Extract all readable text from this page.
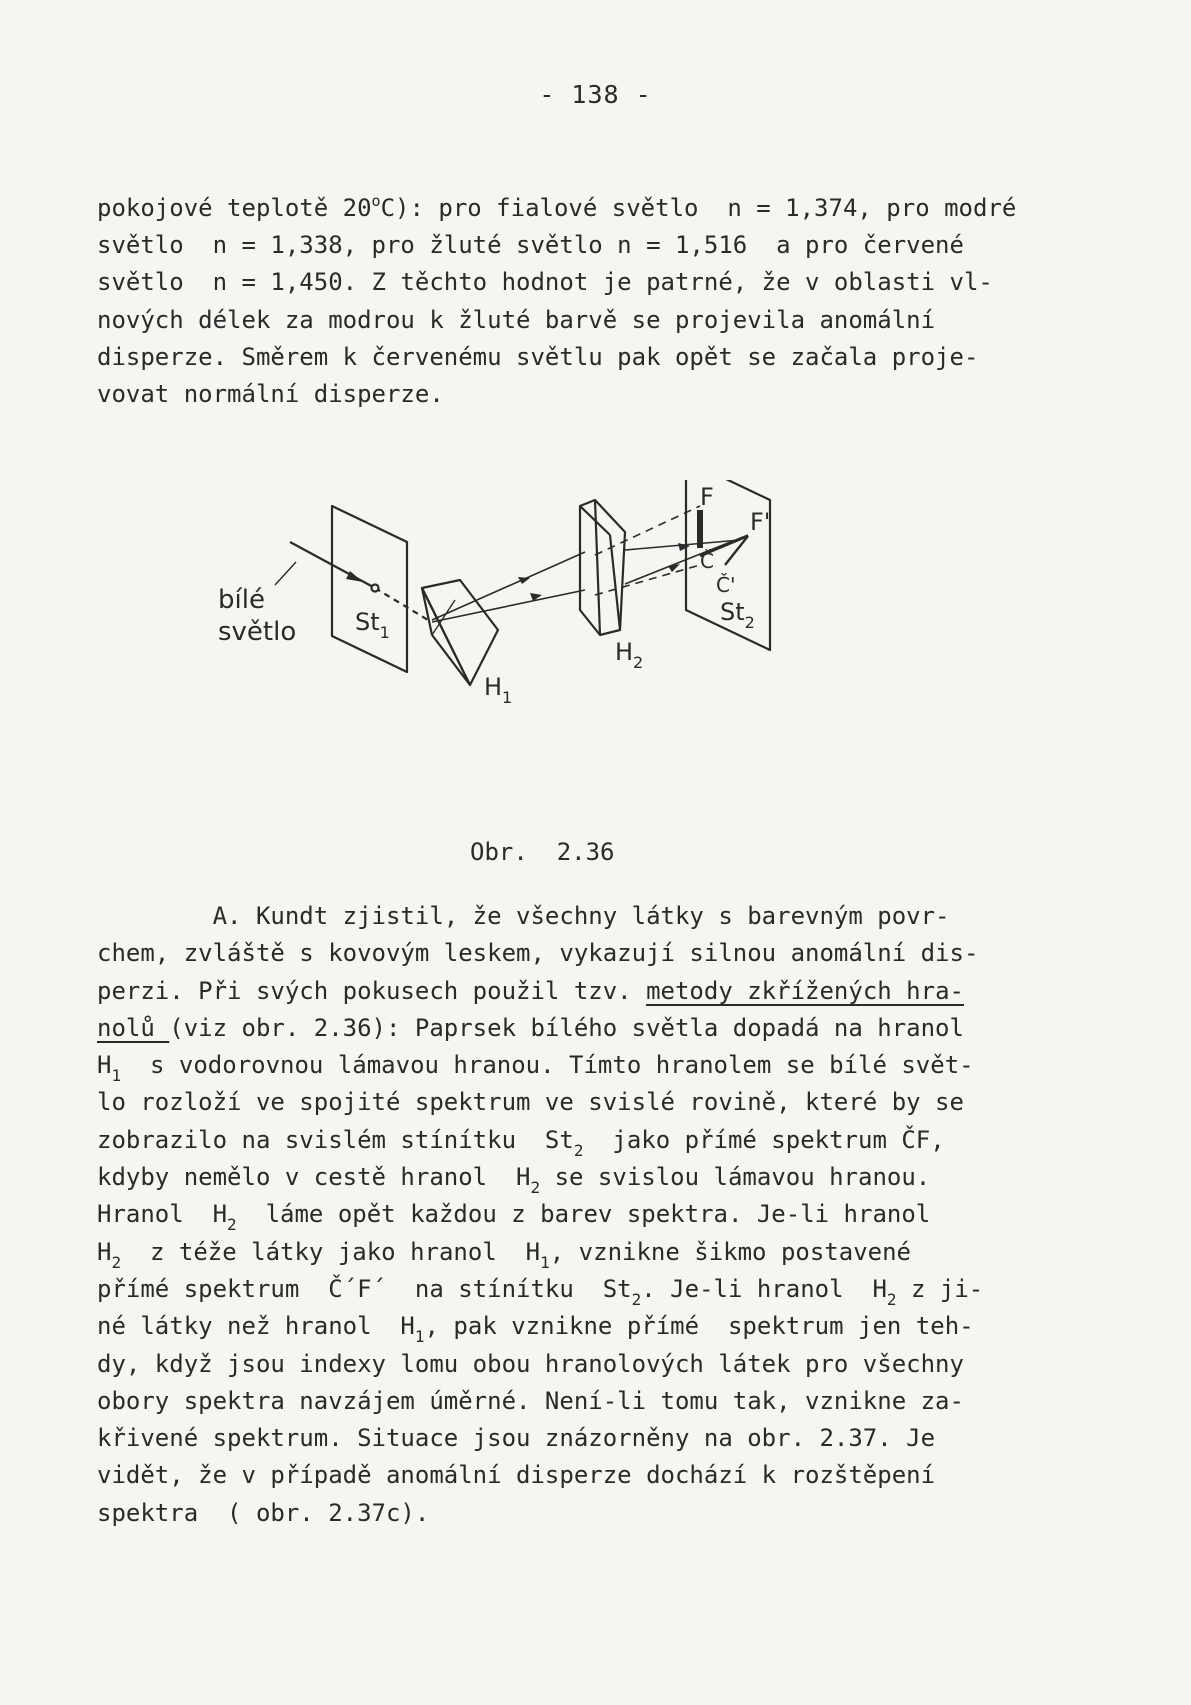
- 138 -
pokojové teplotě 20$^o$C): pro fialové světlo  n = 1,374, pro modré
světlo  n = 1,338, pro žluté světlo n = 1,516  a pro červené
světlo  n = 1,450. Z těchto hodnot je patrné, že v oblasti vl-
nových délek za modrou k žluté barvě se projevila anomální
disperze. Směrem k červenému světlu pak opět se začala proje-
vovat normální disperze.
bílé
světlo $St_1$
$H_1$
$H_2$
$St_2$
F
F'
Č
Č'
Obr.  2.36
A. Kundt zjistil, že všechny látky s barevným povr-
chem, zvláště s kovovým leskem, vykazují silnou anomální dis-
perzi. Při svých pokusech použil tzv. metody zkřížených hra-
nolů (viz obr. 2.36): Paprsek bílého světla dopadá na hranol
$H_1$  s vodorovnou lámavou hranou. Tímto hranolem se bílé svět-
lo rozloží ve spojité spektrum ve svislé rovině, které by se
zobrazilo na svislém stínítku  $St_2$  jako přímé spektrum ČF,
kdyby nemělo v cestě hranol  $H_2$ se svislou lámavou hranou.
Hranol  $H_2$  láme opět každou z barev spektra. Je-li hranol
$H_2$  z téže látky jako hranol  $H_1$, vznikne šikmo postavené
přímé spektrum  Č´F´  na stínítku  $St_2$. Je-li hranol  $H_2$ z ji-
né látky než hranol  $H_1$, pak vznikne přímé  spektrum jen teh-
dy, když jsou indexy lomu obou hranolových látek pro všechny
obory spektra navzájem úměrné. Není-li tomu tak, vznikne za-
křivené spektrum. Situace jsou znázorněny na obr. 2.37. Je
vidět, že v případě anomální disperze dochází k rozštěpení
spektra  ( obr. 2.37c).
